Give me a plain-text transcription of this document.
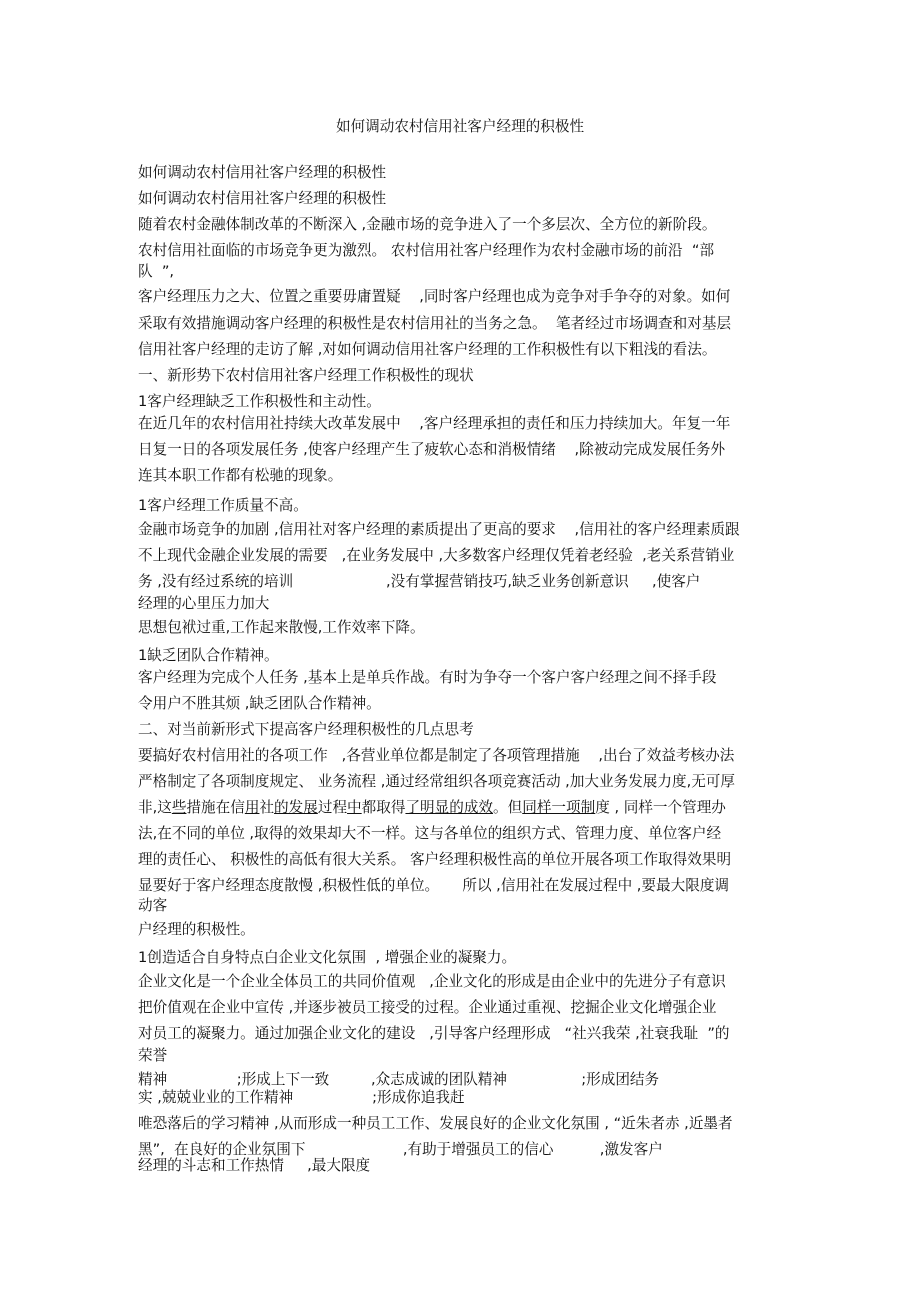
如何调动农村信用社客户经理的积极性
如何调动农村信用社客户经理的积极性
如何调动农村信用社客户经理的积极性
随着农村金融体制改革的不断深入 ,金融市场的竞争进入了一个多层次、全方位的新阶段。
农村信用社面临的市场竞争更为激烈。 农村信用社客户经理作为农村金融市场的前沿  “部
队  ”,
客户经理压力之大、位置之重要毋庸置疑    ,同时客户经理也成为竞争对手争夺的对象。如何
采取有效措施调动客户经理的积极性是农村信用社的当务之急。  笔者经过市场调查和对基层
信用社客户经理的走访了解 ,对如何调动信用社客户经理的工作积极性有以下粗浅的看法。
一、新形势下农村信用社客户经理工作积极性的现状
1客户经理缺乏工作积极性和主动性。
在近几年的农村信用社持续大改革发展中    ,客户经理承担的责任和压力持续加大。年复一年
日复一日的各项发展任务 ,使客户经理产生了疲软心态和消极情绪    ,除被动完成发展任务外
连其本职工作都有松驰的现象。
1客户经理工作质量不高。
金融市场竞争的加剧 ,信用社对客户经理的素质提出了更高的要求    ,信用社的客户经理素质跟
不上现代金融企业发展的需要   ,在业务发展中 ,大多数客户经理仅凭着老经验  ,老关系营销业
务 ,没有经过系统的培训                    ,没有掌握营销技巧,缺乏业务创新意识     ,使客户
经理的心里压力加大
思想包袱过重,工作起来散慢,工作效率下降。
1缺乏团队合作精神。
客户经理为完成个人任务 ,基本上是单兵作战。有时为争夺一个客户客户经理之间不择手段
令用户不胜其烦 ,缺乏团队合作精神。
二、对当前新形式下提高客户经理积极性的几点思考
要搞好农村信用社的各项工作   ,各营业单位都是制定了各项管理措施    ,出台了效益考核办法
严格制定了各项制度规定、 业务流程 ,通过经常组织各项竞赛活动 ,加大业务发展力度,无可厚
非,这些措施在信用社的发展过程中都取得了明显的成效。但同样一项制度 , 同样一个管理办
法,在不同的单位 ,取得的效果却大不一样。这与各单位的组织方式、管理力度、单位客户经
理的责任心、 积极性的高低有很大关系。 客户经理积极性高的单位开展各项工作取得效果明
显要好于客户经理态度散慢 ,积极性低的单位。     所以 ,信用社在发展过程中 ,要最大限度调
动客
户经理的积极性。
1创造适合自身特点白企业文化氛围  , 增强企业的凝聚力。
企业文化是一个企业全体员工的共同价值观   ,企业文化的形成是由企业中的先进分子有意识
把价值观在企业中宣传 ,并逐步被员工接受的过程。企业通过重视、挖掘企业文化增强企业
对员工的凝聚力。通过加强企业文化的建设   ,引导客户经理形成   “社兴我荣 ,社衰我耻  ”的
荣誉
精神               ;形成上下一致         ,众志成诚的团队精神                ;形成团结务
实 ,兢兢业业的工作精神                 ;形成你追我赶
唯恐落后的学习精神 ,从而形成一种员工工作、发展良好的企业文化氛围 , “近朱者赤 ,近墨者
黑”,  在良好的企业氛围下                     ,有助于增强员工的信心          ,激发客户
经理的斗志和工作热情     ,最大限度
